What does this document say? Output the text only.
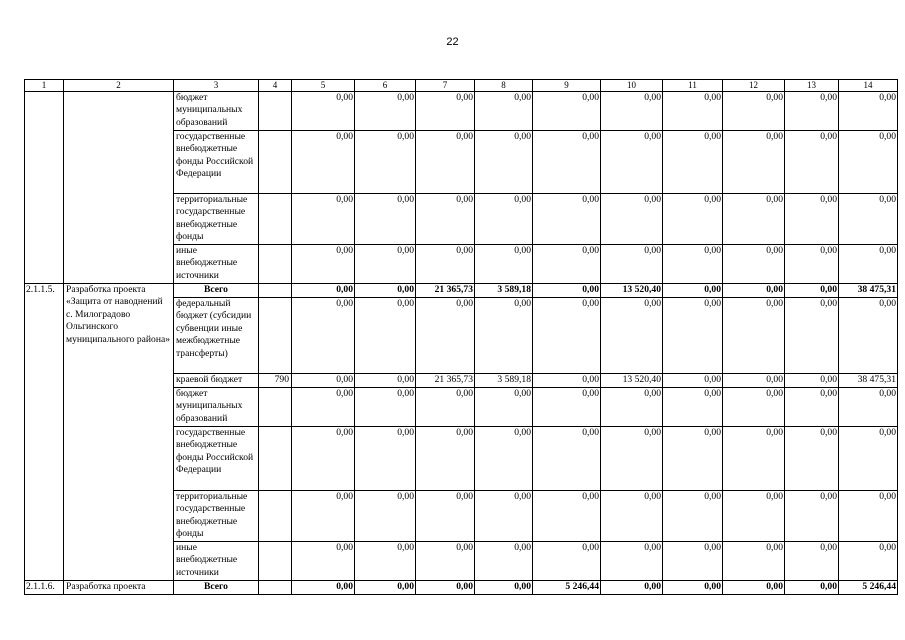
22
1	2	3	4	5	6	7	8	9	10	11	12	13	14
		бюджет муниципальных образований		0,00	0,00	0,00	0,00	0,00	0,00	0,00	0,00	0,00	0,00
		государственные внебюджетные фонды Российской Федерации		0,00	0,00	0,00	0,00	0,00	0,00	0,00	0,00	0,00	0,00
		территориальные государственные внебюджетные фонды		0,00	0,00	0,00	0,00	0,00	0,00	0,00	0,00	0,00	0,00
		иные внебюджетные источники		0,00	0,00	0,00	0,00	0,00	0,00	0,00	0,00	0,00	0,00
2.1.1.5.	Разработка проекта «Защита от наводнений с. Милоградово Ольгинского муниципального района»	Всего		0,00	0,00	21 365,73	3 589,18	0,00	13 520,40	0,00	0,00	0,00	38 475,31
		федеральный бюджет (субсидии субвенции иные межбюджетные трансферты)		0,00	0,00	0,00	0,00	0,00	0,00	0,00	0,00	0,00	0,00
		краевой бюджет	790	0,00	0,00	21 365,73	3 589,18	0,00	13 520,40	0,00	0,00	0,00	38 475,31
		бюджет муниципальных образований		0,00	0,00	0,00	0,00	0,00	0,00	0,00	0,00	0,00	0,00
		государственные внебюджетные фонды Российской Федерации		0,00	0,00	0,00	0,00	0,00	0,00	0,00	0,00	0,00	0,00
		территориальные государственные внебюджетные фонды		0,00	0,00	0,00	0,00	0,00	0,00	0,00	0,00	0,00	0,00
		иные внебюджетные источники		0,00	0,00	0,00	0,00	0,00	0,00	0,00	0,00	0,00	0,00
2.1.1.6.	Разработка проекта	Всего		0,00	0,00	0,00	0,00	5 246,44	0,00	0,00	0,00	0,00	5 246,44
